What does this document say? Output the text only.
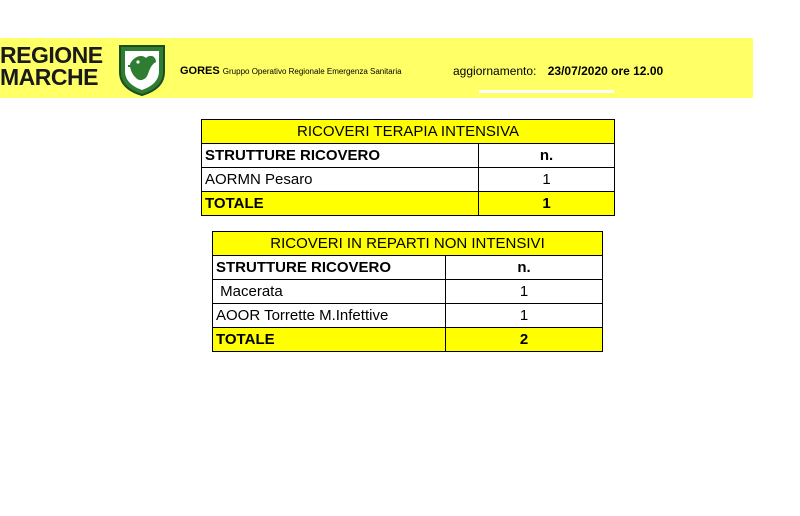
REGIONE
MARCHE	GORES Gruppo Operativo Regionale Emergenza Sanitaria	aggiornamento: 23/07/2020 ore 12.00
RICOVERI TERAPIA INTENSIVA	
STRUTTURE RICOVERO	n.
AORMN Pesaro	1
TOTALE	1
RICOVERI IN REPARTI NON INTENSIVI	
STRUTTURE RICOVERO	n.
Macerata	1
AOOR Torrette M.Infettive	1
TOTALE	2
